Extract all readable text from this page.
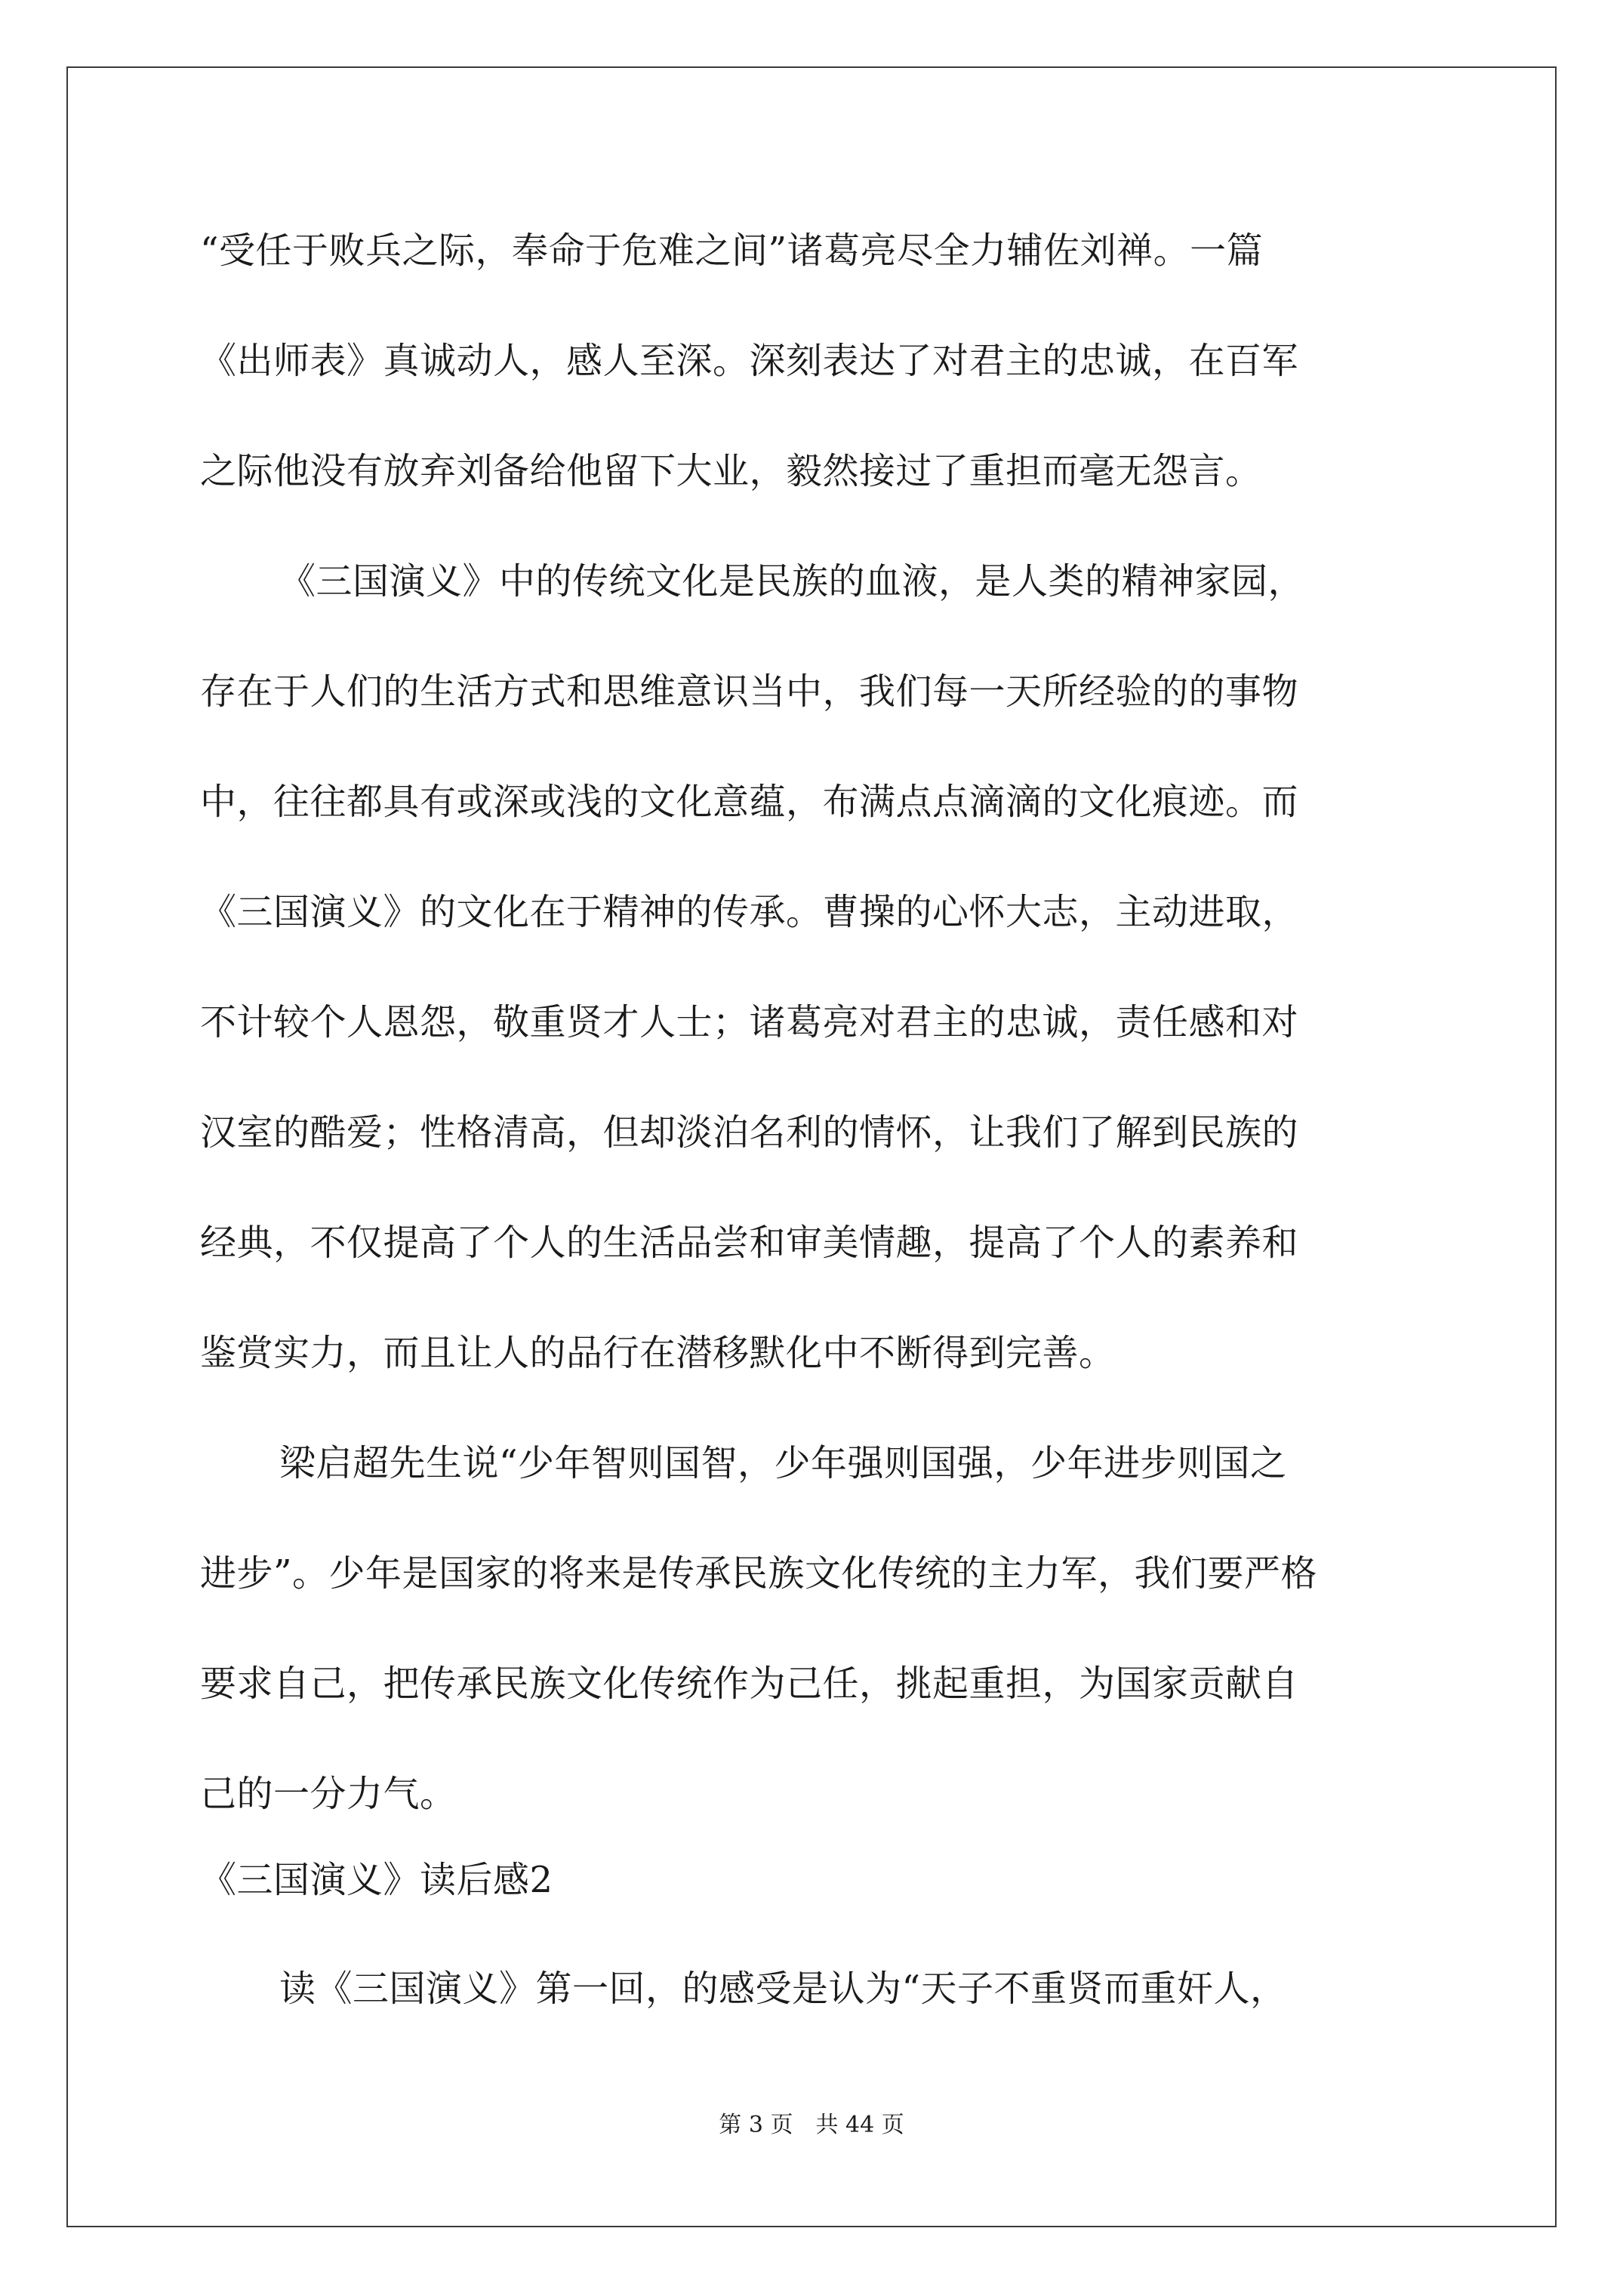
“受任于败兵之际，奉命于危难之间”诸葛亮尽全力辅佐刘禅。一篇
《出师表》真诚动人，感人至深。深刻表达了对君主的忠诚，在百军
之际他没有放弃刘备给他留下大业，毅然接过了重担而毫无怨言。
《三国演义》中的传统文化是民族的血液，是人类的精神家园，
存在于人们的生活方式和思维意识当中，我们每一天所经验的的事物
中，往往都具有或深或浅的文化意蕴，布满点点滴滴的文化痕迹。而
《三国演义》的文化在于精神的传承。曹操的心怀大志，主动进取，
不计较个人恩怨，敬重贤才人士；诸葛亮对君主的忠诚，责任感和对
汉室的酷爱；性格清高，但却淡泊名利的情怀，让我们了解到民族的
经典，不仅提高了个人的生活品尝和审美情趣，提高了个人的素养和
鉴赏实力，而且让人的品行在潜移默化中不断得到完善。
梁启超先生说“少年智则国智，少年强则国强，少年进步则国之
进步”。少年是国家的将来是传承民族文化传统的主力军，我们要严格
要求自己，把传承民族文化传统作为己任，挑起重担，为国家贡献自
己的一分力气。
《三国演义》读后感2
读《三国演义》第一回，的感受是认为“天子不重贤而重奸人，
第 3 页 共 44 页
